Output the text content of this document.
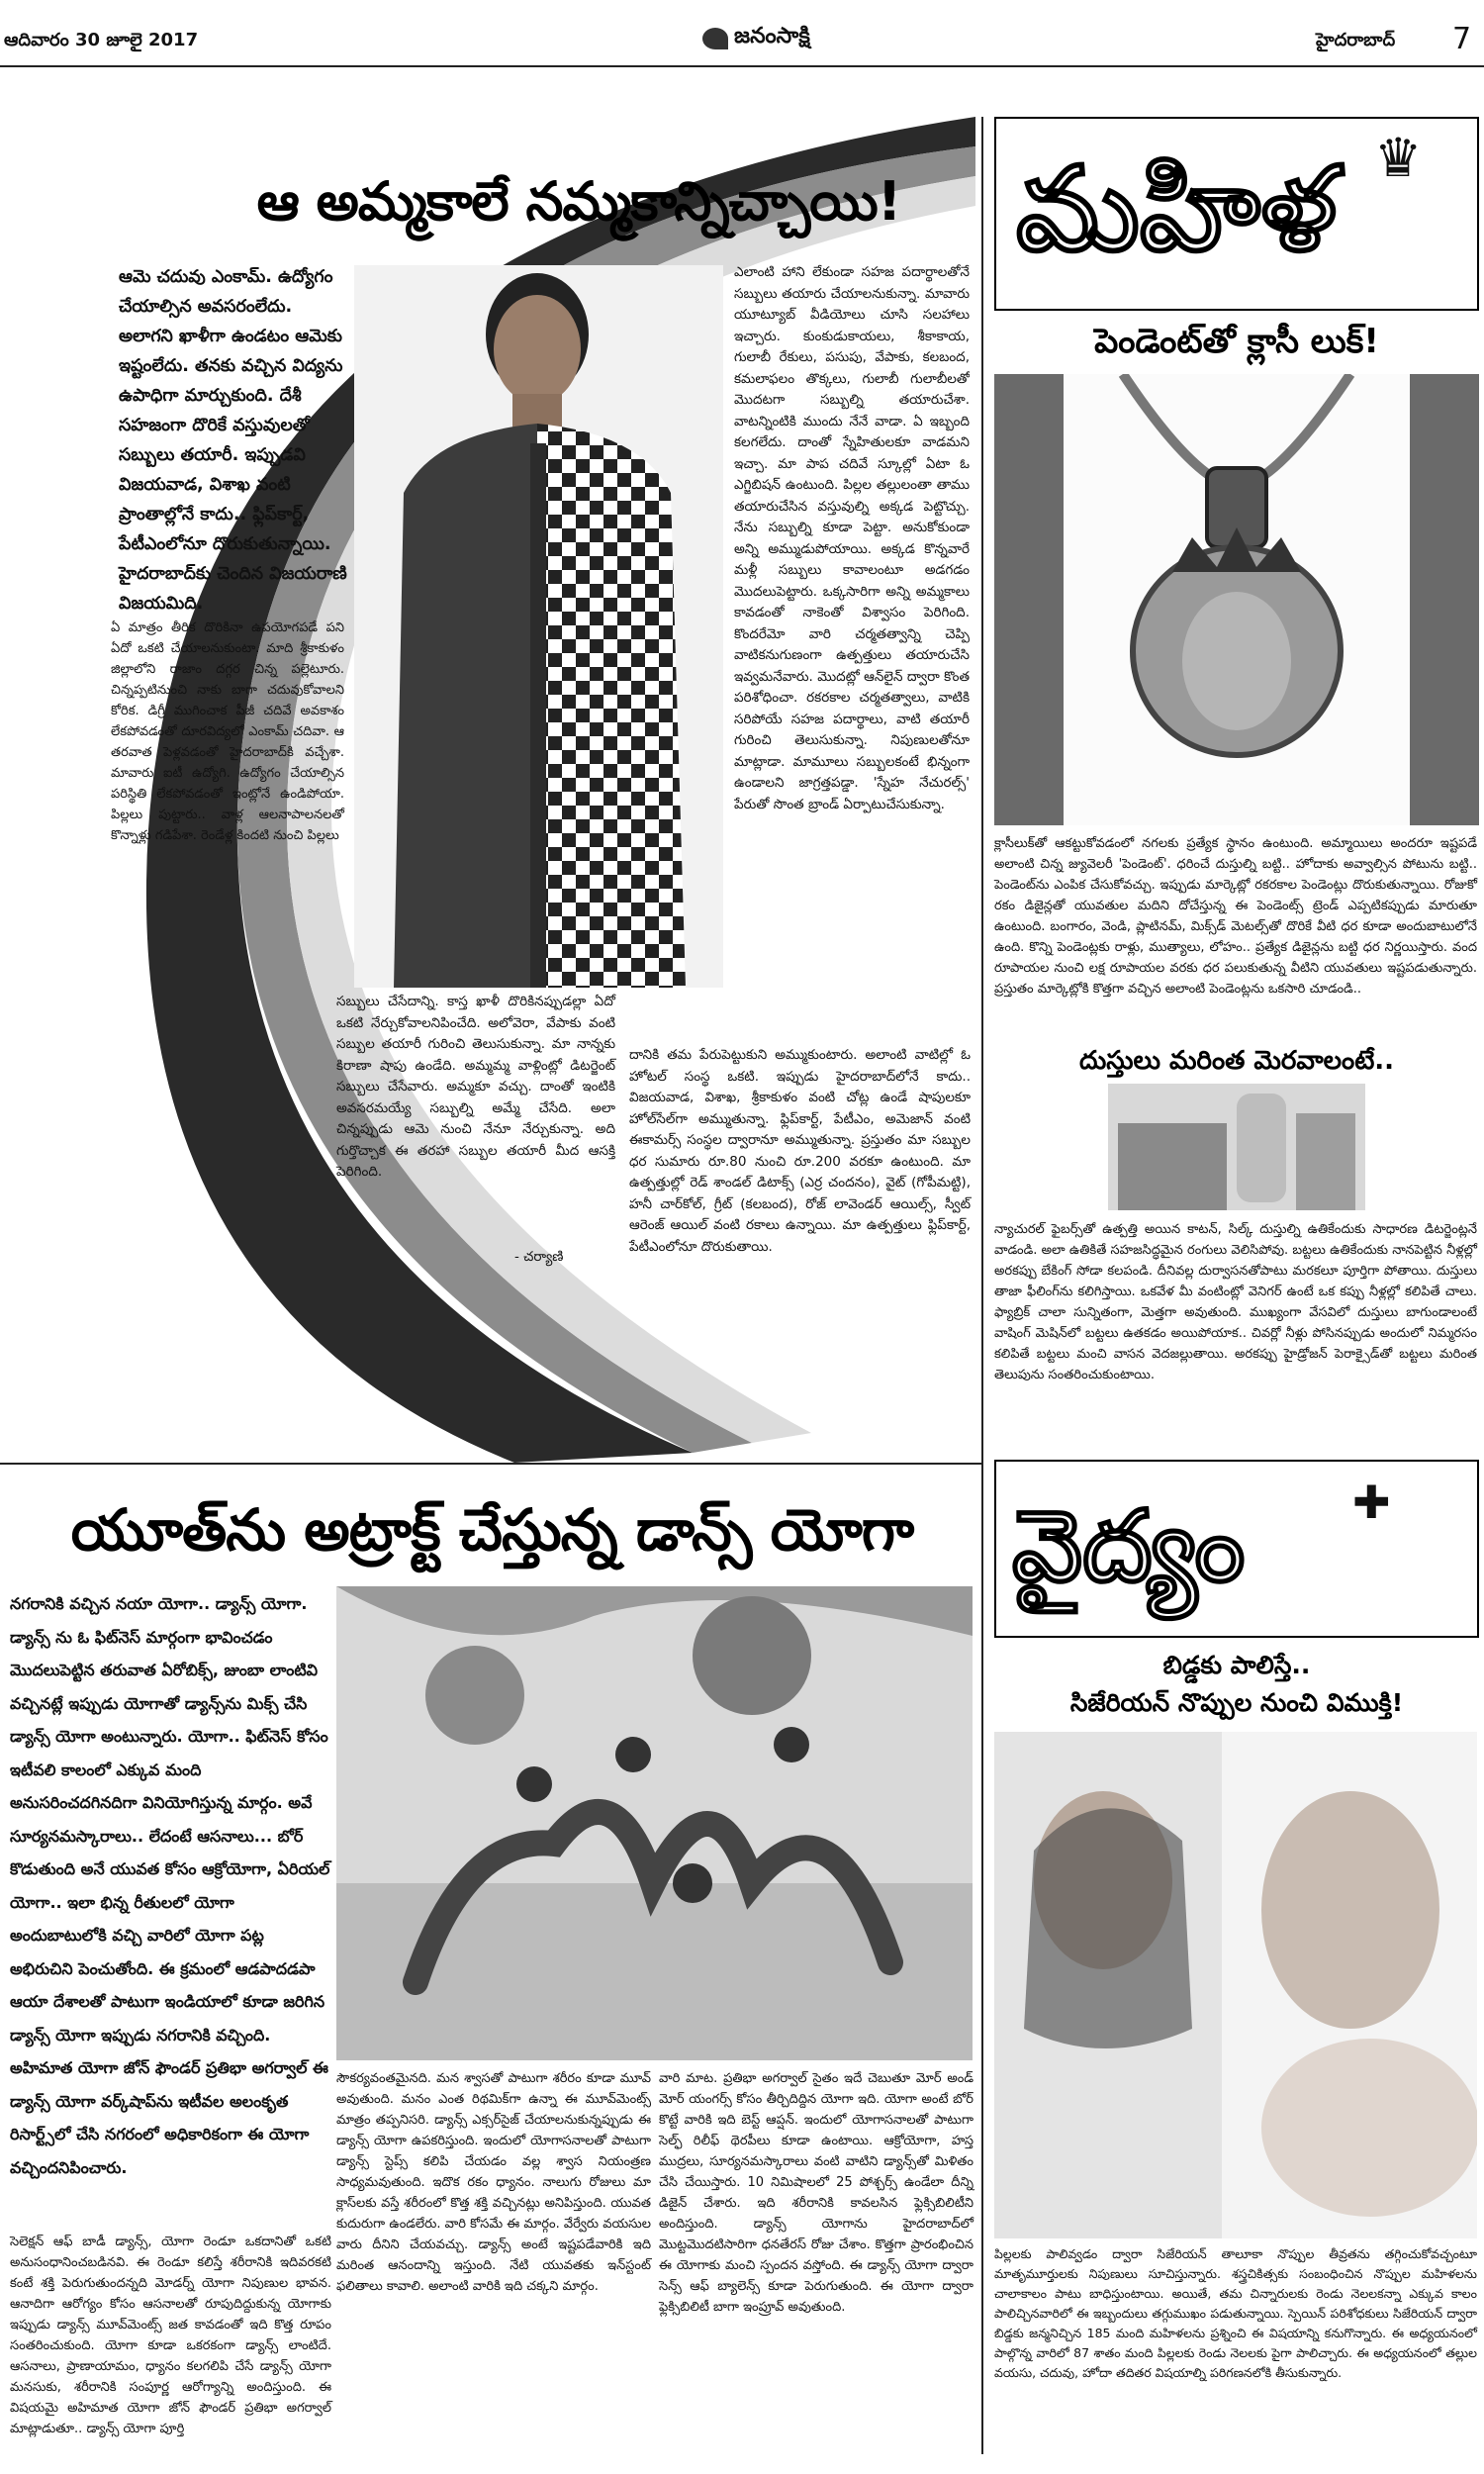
ఆదివారం 30 జూలై 2017	జనంసాక్షి	హైదరాబాద్ 7
ఆ అమ్మకాలే నమ్మకాన్నిచ్చాయి!
ఆమె చదువు ఎంకామ్. ఉద్యోగం చేయాల్సిన అవసరంలేదు. అలాగని ఖాళీగా ఉండటం ఆమెకు ఇష్టంలేదు. తనకు వచ్చిన విద్యను ఉపాధిగా మార్చుకుంది. దేశీ సహజంగా దొరికే వస్తువులతో సబ్బులు తయారీ. ఇప్పుడవి విజయవాడ, విశాఖ వంటి ప్రాంతాల్లోనే కాదు.. ఫ్లిప్‌కార్ట్, పేటీఎంలోనూ దొరుకుతున్నాయి. హైదరాబాద్‌కు చెందిన విజయరాణి విజయమిది.
ఏ మాత్రం తీరిక దొరికినా ఉపయోగపడే పని ఏదో ఒకటి చేయాలనుకుంటా. మాది శ్రీకాకుళం జిల్లాలోని రాజాం దగ్గర చిన్న పల్లెటూరు. చిన్నప్పటినుంచి నాకు బాగా చదువుకోవాలని కోరిక. డిగ్రీ ముగించాక పీజీ చదివే అవకాశం లేకపోవడంతో దూరవిద్యలో ఎంకామ్ చదివా. ఆ తరవాత పెళ్లవడంతో హైదరాబాద్‌కి వచ్చేశా. మావారు ఐటీ ఉద్యోగి. ఉద్యోగం చేయాల్సిన పరిస్థితి లేకపోవడంతో ఇంట్లోనే ఉండిపోయా. పిల్లలు పుట్టారు.. వాళ్ల ఆలనాపాలనలతో కొన్నాళ్లు గడిపేశా. రెండేళ్ల కిందటి నుంచి పిల్లలు
ఎలాంటి హాని లేకుండా సహజ పదార్థాలతోనే సబ్బులు తయారు చేయాలనుకున్నా. మావారు యూట్యూబ్ వీడియోలు చూసి సలహాలు ఇచ్చారు. కుంకుడుకాయలు, శీకాకాయ, గులాబీ రేకులు, పసుపు, వేపాకు, కలబంద, కమలాఫలం తొక్కలు, గులాబీ గులాబీలతో మొదటగా సబ్బుల్ని తయారుచేశా. వాటన్నింటికి ముందు నేనే వాడా. ఏ ఇబ్బంది కలగలేదు. దాంతో స్నేహితులకూ వాడమని ఇచ్చా. మా పాప చదివే స్కూల్లో ఏటా ఓ ఎగ్జిబిషన్ ఉంటుంది. పిల్లల తల్లులంతా తాము తయారుచేసిన వస్తువుల్ని అక్కడ పెట్టొచ్చు. నేను సబ్బుల్ని కూడా పెట్టా. అనుకోకుండా అన్ని అమ్ముడుపోయాయి. అక్కడ కొన్నవారే మళ్లీ సబ్బులు కావాలంటూ అడగడం మొదలుపెట్టారు. ఒక్కసారిగా అన్ని అమ్మకాలు కావడంతో నాకెంతో విశ్వాసం పెరిగింది. కొందరేమో వారి చర్మతత్వాన్ని చెప్పి వాటికనుగుణంగా ఉత్పత్తులు తయారుచేసి ఇవ్వమనేవారు. మొదట్లో ఆన్‌లైన్ ద్వారా కొంత పరిశోధించా. రకరకాల చర్మతత్వాలు, వాటికి సరిపోయే సహజ పదార్థాలు, వాటి తయారీ గురించి తెలుసుకున్నా. నిపుణులతోనూ మాట్లాడా. మామూలు సబ్బులకంటే భిన్నంగా ఉండాలని జాగ్రత్తపడ్డా. 'స్నేహ నేచురల్స్' పేరుతో సొంత బ్రాండ్ ఏర్పాటుచేసుకున్నా.
సబ్బులు చేసేదాన్ని. కాస్త ఖాళీ దొరికినప్పుడల్లా ఏదో ఒకటి నేర్చుకోవాలనిపించేది. అలోవెరా, వేపాకు వంటి సబ్బుల తయారీ గురించి తెలుసుకున్నా. మా నాన్నకు కిరాణా షాపు ఉండేది. అమ్మమ్మ వాళ్లింట్లో డిటర్జెంట్ సబ్బులు చేసేవారు. అమ్మకూ వచ్చు. దాంతో ఇంటికి అవసరమయ్యే సబ్బుల్ని అమ్మే చేసేది. అలా చిన్నప్పుడు ఆమె నుంచి నేనూ నేర్చుకున్నా. అది గుర్తొచ్చాక ఈ తరహా సబ్బుల తయారీ మీద ఆసక్తి పెరిగింది.
దానికి తమ పేరుపెట్టుకుని అమ్ముకుంటారు. అలాంటి వాటిల్లో ఓ హోటల్ సంస్థ ఒకటి. ఇప్పుడు హైదరాబాద్‌లోనే కాదు.. విజయవాడ, విశాఖ, శ్రీకాకుళం వంటి చోట్ల ఉండే షాపులకూ హోల్‌సేల్‌గా అమ్ముతున్నా. ఫ్లిప్‌కార్ట్, పేటీఎం, అమెజాన్ వంటి ఈకామర్స్ సంస్థల ద్వారానూ అమ్ముతున్నా. ప్రస్తుతం మా సబ్బుల ధర సుమారు రూ.80 నుంచి రూ.200 వరకూ ఉంటుంది. మా ఉత్పత్తుల్లో రెడ్ శాండల్ డిటాక్స్ (ఎర్ర చందనం), వైట్ (గోపీమట్టి), హనీ చార్‌కోల్, గ్రీట్ (కలబంద), రోజ్ లావెండర్ ఆయిల్స్, స్వీట్ ఆరెంజ్ ఆయిల్ వంటి రకాలు ఉన్నాయి. మా ఉత్పత్తులు ఫ్లిప్‌కార్ట్, పేటీఎంలోనూ దొరుకుతాయి.
- చర్యాణి
మహిళ ♛
పెండెంట్‌తో క్లాసీ లుక్!
క్లాసీలుక్‌తో ఆకట్టుకోవడంలో నగలకు ప్రత్యేక స్థానం ఉంటుంది. అమ్మాయిలు అందరూ ఇష్టపడే అలాంటి చిన్న జ్యువెలరీ 'పెండెంట్'. ధరించే దుస్తుల్ని బట్టి.. హోదాకు అవ్వాల్సిన పోటును బట్టి.. పెండెంట్‌ను ఎంపిక చేసుకోవచ్చు. ఇప్పుడు మార్కెట్లో రకరకాల పెండెంట్లు దొరుకుతున్నాయి. రోజుకో రకం డిజైన్లతో యువతుల మదిని దోచేస్తున్న ఈ పెండెంట్స్ ట్రెండ్ ఎప్పటికప్పుడు మారుతూ ఉంటుంది. బంగారం, వెండి, ప్లాటినమ్, మిక్స్‌డ్ మెటల్స్‌తో దొరికే వీటి ధర కూడా అందుబాటులోనే ఉంది. కొన్ని పెండెంట్లకు రాళ్లు, ముత్యాలు, లోహం.. ప్రత్యేక డిజైన్లను బట్టి ధర నిర్ణయిస్తారు. వంద రూపాయల నుంచి లక్ష రూపాయల వరకు ధర పలుకుతున్న వీటిని యువతులు ఇష్టపడుతున్నారు. ప్రస్తుతం మార్కెట్లోకి కొత్తగా వచ్చిన అలాంటి పెండెంట్లను ఒకసారి చూడండి..
దుస్తులు మరింత మెరవాలంటే..
న్యాచురల్ ఫైబర్స్‌తో ఉత్పత్తి అయిన కాటన్, సిల్క్ దుస్తుల్ని ఉతికేందుకు సాధారణ డిటర్జెంట్లనే వాడండి. అలా ఉతికితే సహజసిద్ధమైన రంగులు వెలిసిపోవు. బట్టలు ఉతికేందుకు నానపెట్టిన నీళ్లల్లో అరకప్పు బేకింగ్ సోడా కలపండి. దీనివల్ల దుర్వాసనతోపాటు మరకలూ పూర్తిగా పోతాయి. దుస్తులు తాజా ఫీలింగ్‌ను కలిగిస్తాయి. ఒకవేళ మీ వంటింట్లో వెనిగర్ ఉంటే ఒక కప్పు నీళ్లల్లో కలిపితే చాలు. ఫ్యాబ్రిక్ చాలా సున్నితంగా, మెత్తగా అవుతుంది. ముఖ్యంగా వేసవిలో దుస్తులు బాగుండాలంటే వాషింగ్ మెషిన్‌లో బట్టలు ఉతకడం అయిపోయాక.. చివర్లో నీళ్లు పోసినప్పుడు అందులో నిమ్మరసం కలిపితే బట్టలు మంచి వాసన వెదజల్లుతాయి. అరకప్పు హైడ్రోజన్ పెరాక్సైడ్‌తో బట్టలు మరింత తెలుపును సంతరించుకుంటాయి.
యూత్‌ను అట్రాక్ట్ చేస్తున్న డాన్స్ యోగా
నగరానికి వచ్చిన నయా యోగా.. డ్యాన్స్ యోగా. డ్యాన్స్ ను ఓ ఫిట్‌నెస్ మార్గంగా భావించడం మొదలుపెట్టిన తరువాత ఏరోబిక్స్, జుంబా లాంటివి వచ్చినట్లే ఇప్పుడు యోగాతో డ్యాన్స్‌ను మిక్స్ చేసి డ్యాన్స్ యోగా అంటున్నారు. యోగా.. ఫిట్‌నెస్ కోసం ఇటీవలి కాలంలో ఎక్కువ మంది అనుసరించదగినదిగా వినియోగిస్తున్న మార్గం. అవే సూర్యనమస్కారాలు.. లేదంటే ఆసనాలు... బోర్ కొడుతుంది అనే యువత కోసం ఆక్రోయోగా, ఏరియల్ యోగా.. ఇలా భిన్న రీతులలో యోగా అందుబాటులోకి వచ్చి వారిలో యోగా పట్ల అభిరుచిని పెంచుతోంది. ఈ క్రమంలో ఆడపాదడపా ఆయా దేశాలతో పాటుగా ఇండియాలో కూడా జరిగిన డ్యాన్స్ యోగా ఇప్పుడు నగరానికి వచ్చింది. అహిమాత యోగా జోన్ ఫౌండర్ ప్రతిభా అగర్వాల్ ఈ డ్యాన్స్ యోగా వర్క్‌షాప్‌ను ఇటీవల అలంకృత రిసార్ట్స్‌లో చేసి నగరంలో అధికారికంగా ఈ యోగా వచ్చిందనిపించారు.
సెలెక్షన్ ఆఫ్ బాడీ డ్యాన్స్, యోగా రెండూ ఒకదానితో ఒకటి అనుసంధానించబడినవి. ఈ రెండూ కలిస్తే శరీరానికి ఇదివరకటి కంటే శక్తి పెరుగుతుందన్నది మోడర్న్ యోగా నిపుణుల భావన. ఆనాదిగా ఆరోగ్యం కోసం ఆసనాలతో రూపుదిద్దుకున్న యోగాకు ఇప్పుడు డ్యాన్స్ మూవ్‌మెంట్స్ జత కావడంతో ఇది కొత్త రూపం సంతరించుకుంది. యోగా కూడా ఒకరకంగా డ్యాన్స్ లాంటిదే. ఆసనాలు, ప్రాణాయామం, ధ్యానం కలగలిపి చేసే డ్యాన్స్ యోగా మనసుకు, శరీరానికి సంపూర్ణ ఆరోగ్యాన్ని అందిస్తుంది. ఈ విషయమై అహిమాత యోగా జోన్ ఫౌండర్ ప్రతిభా అగర్వాల్ మాట్లాడుతూ.. డ్యాన్స్ యోగా పూర్తి
సౌకర్యవంతమైనది. మన శ్వాసతో పాటుగా శరీరం కూడా మూవ్‌ అవుతుంది. మనం ఎంత రిథమిక్‌గా ఉన్నా ఈ మూవ్‌మెంట్స్ మాత్రం తప్పనిసరి. డ్యాన్స్ ఎక్సర్‌సైజ్ చేయాలనుకున్నప్పుడు ఈ డ్యాన్స్ యోగా ఉపకరిస్తుంది. ఇందులో యోగాసనాలతో పాటుగా డ్యాన్స్ స్టెప్స్ కలిపి చేయడం వల్ల శ్వాస నియంత్రణ సాధ్యమవుతుంది. ఇదొక రకం ధ్యానం. నాలుగు రోజులు మా క్లాస్‌లకు వస్తే శరీరంలో కొత్త శక్తి వచ్చినట్లు అనిపిస్తుంది. యువత కుదురుగా ఉండలేరు. వారి కోసమే ఈ మార్గం. వేర్వేరు వయసుల వారు దీనిని చేయవచ్చు. డ్యాన్స్ అంటే ఇష్టపడేవారికి ఇది మరింత ఆనందాన్ని ఇస్తుంది. నేటి యువతకు ఇన్‌స్టంట్ ఫలితాలు కావాలి. అలాంటి వారికి ఇది చక్కని మార్గం.
వారి మాట. ప్రతిభా అగర్వాల్ సైతం ఇదే చెబుతూ మోర్ అండ్ మోర్ యంగర్స్ కోసం తీర్చిదిద్దిన యోగా ఇది. యోగా అంటే బోర్ కొట్టే వారికి ఇది బెస్ట్ ఆప్షన్. ఇందులో యోగాసనాలతో పాటుగా సెల్ఫ్ రిలీఫ్ థెరపీలు కూడా ఉంటాయి. ఆక్రోయోగా, హస్త ముద్రలు, సూర్యనమస్కారాలు వంటి వాటిని డ్యాన్స్‌తో మిళితం చేసి చేయిస్తారు. 10 నిమిషాలలో 25 పోశ్చర్స్ ఉండేలా దీన్ని డిజైన్ చేశారు. ఇది శరీరానికి కావలసిన ఫ్లెక్సిబిలిటీని అందిస్తుంది. డ్యాన్స్ యోగాను హైదరాబాద్‌లో మొట్టమొదటిసారిగా ధనతేరస్ రోజు చేశాం. కొత్తగా ప్రారంభించిన ఈ యోగాకు మంచి స్పందన వస్తోంది. ఈ డ్యాన్స్ యోగా ద్వారా సెన్స్ ఆఫ్ బ్యాలెన్స్‌ కూడా పెరుగుతుంది. ఈ యోగా ద్వారా ఫ్లెక్సిబిలిటీ బాగా ఇంప్రూవ్ అవుతుంది.
వైద్యం ✚
బిడ్డకు పాలిస్తే..
సిజేరియన్ నొప్పుల నుంచి విముక్తి!
పిల్లలకు పాలివ్వడం ద్వారా సిజేరియన్ తాలూకా నొప్పుల తీవ్రతను తగ్గించుకోవచ్చంటూ మాతృమూర్తులకు నిపుణులు సూచిస్తున్నారు. శస్త్రచికిత్సకు సంబంధించిన నొప్పుల మహిళలను చాలాకాలం పాటు బాధిస్తుంటాయి. అయితే, తమ చిన్నారులకు రెండు నెలలకన్నా ఎక్కువ కాలం పాలిచ్చినవారిలో ఈ ఇబ్బందులు తగ్గుముఖం పడుతున్నాయి. స్పెయిన్ పరిశోధకులు సిజేరియన్ ద్వారా బిడ్డకు జన్మనిచ్చిన 185 మంది మహిళలను ప్రశ్నించి ఈ విషయాన్ని కనుగొన్నారు. ఈ అధ్యయనంలో పాల్గొన్న వారిలో 87 శాతం మంది పిల్లలకు రెండు నెలలకు పైగా పాలిచ్చారు. ఈ అధ్యయనంలో తల్లుల వయసు, చదువు, హోదా తదితర విషయాల్ని పరిగణనలోకి తీసుకున్నారు.
